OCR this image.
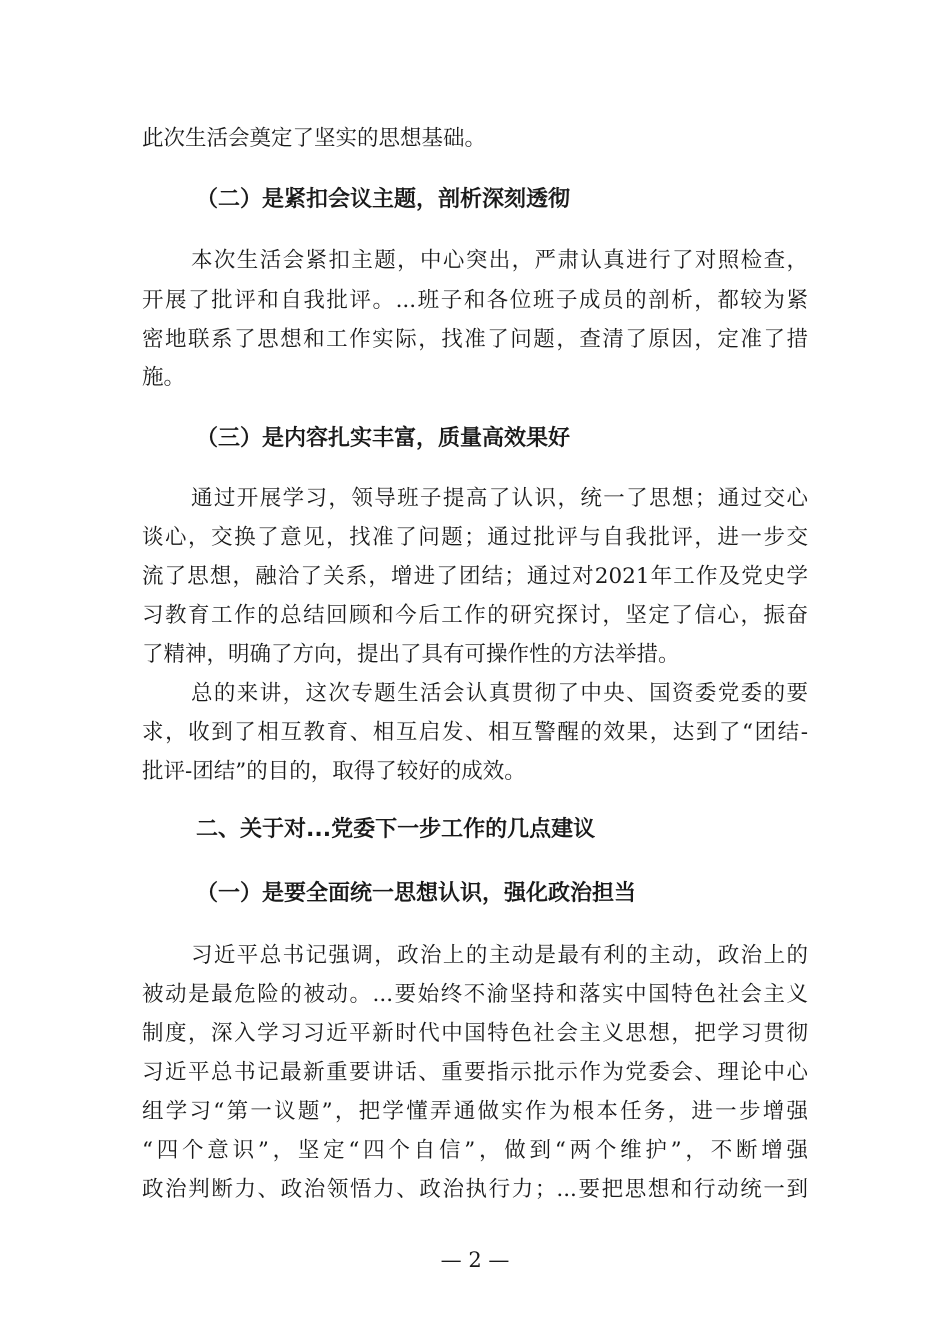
此次生活会奠定了坚实的思想基础。
（二）是紧扣会议主题，剖析深刻透彻
本次生活会紧扣主题，中心突出，严肃认真进行了对照检查，
开展了批评和自我批评。...班子和各位班子成员的剖析，都较为紧
密地联系了思想和工作实际，找准了问题，查清了原因，定准了措
施。
（三）是内容扎实丰富，质量高效果好
通过开展学习，领导班子提高了认识，统一了思想；通过交心
谈心，交换了意见，找准了问题；通过批评与自我批评，进一步交
流了思想，融洽了关系，增进了团结；通过对2021年工作及党史学
习教育工作的总结回顾和今后工作的研究探讨，坚定了信心，振奋
了精神，明确了方向，提出了具有可操作性的方法举措。
总的来讲，这次专题生活会认真贯彻了中央、国资委党委的要
求，收到了相互教育、相互启发、相互警醒的效果，达到了“团结-
批评-团结”的目的，取得了较好的成效。
二、关于对...党委下一步工作的几点建议
（一）是要全面统一思想认识，强化政治担当
习近平总书记强调，政治上的主动是最有利的主动，政治上的
被动是最危险的被动。...要始终不渝坚持和落实中国特色社会主义
制度，深入学习习近平新时代中国特色社会主义思想，把学习贯彻
习近平总书记最新重要讲话、重要指示批示作为党委会、理论中心
组学习“第一议题”，把学懂弄通做实作为根本任务，进一步增强
“四个意识”，坚定“四个自信”，做到“两个维护”，不断增强
政治判断力、政治领悟力、政治执行力；...要把思想和行动统一到
— 2 —
